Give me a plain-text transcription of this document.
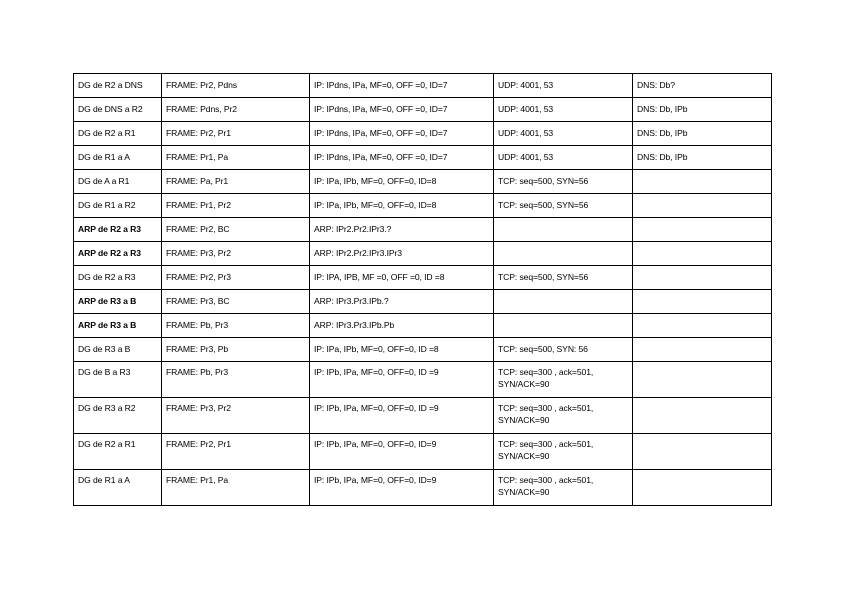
DG de R2 a DNS	FRAME: Pr2, Pdns	IP: IPdns, IPa, MF=0, OFF =0, ID=7	UDP: 4001, 53	DNS: Db?
DG de DNS a R2	FRAME: Pdns, Pr2	IP: IPdns, IPa, MF=0, OFF =0, ID=7	UDP: 4001, 53	DNS: Db, IPb
DG de R2 a R1	FRAME: Pr2, Pr1	IP: IPdns, IPa, MF=0, OFF =0, ID=7	UDP: 4001, 53	DNS: Db, IPb
DG de R1 a A	FRAME: Pr1, Pa	IP: IPdns, IPa, MF=0, OFF =0, ID=7	UDP: 4001, 53	DNS: Db, IPb
DG de A a R1	FRAME: Pa, Pr1	IP: IPa, IPb, MF=0, OFF=0, ID=8	TCP: seq=500, SYN=56	
DG de R1 a R2	FRAME: Pr1, Pr2	IP: IPa, IPb, MF=0, OFF=0, ID=8	TCP: seq=500, SYN=56	
ARP de R2 a R3	FRAME: Pr2, BC	ARP: IPr2.Pr2.IPr3.?		
ARP de R2 a R3	FRAME: Pr3, Pr2	ARP: IPr2.Pr2.IPr3.IPr3		
DG de R2 a R3	FRAME: Pr2, Pr3	IP: IPA, IPB, MF =0, OFF =0, ID =8	TCP: seq=500, SYN=56	
ARP de R3 a B	FRAME: Pr3, BC	ARP: IPr3.Pr3.IPb.?		
ARP de R3 a B	FRAME: Pb, Pr3	ARP: IPr3.Pr3.IPb.Pb		
DG de R3 a B	FRAME: Pr3, Pb	IP: IPa, IPb, MF=0, OFF=0, ID =8	TCP: seq=500, SYN: 56	
DG de B a R3	FRAME: Pb, Pr3	IP: IPb, IPa, MF=0, OFF=0, ID =9	TCP: seq=300 , ack=501, SYN/ACK=90	
DG de R3 a R2	FRAME: Pr3, Pr2	IP: IPb, IPa, MF=0, OFF=0, ID =9	TCP: seq=300 , ack=501, SYN/ACK=90	
DG de R2 a R1	FRAME: Pr2, Pr1	IP: IPb, IPa, MF=0, OFF=0, ID=9	TCP: seq=300 , ack=501, SYN/ACK=90	
DG de R1 a A	FRAME: Pr1, Pa	IP: IPb, IPa, MF=0, OFF=0, ID=9	TCP: seq=300 , ack=501, SYN/ACK=90	
